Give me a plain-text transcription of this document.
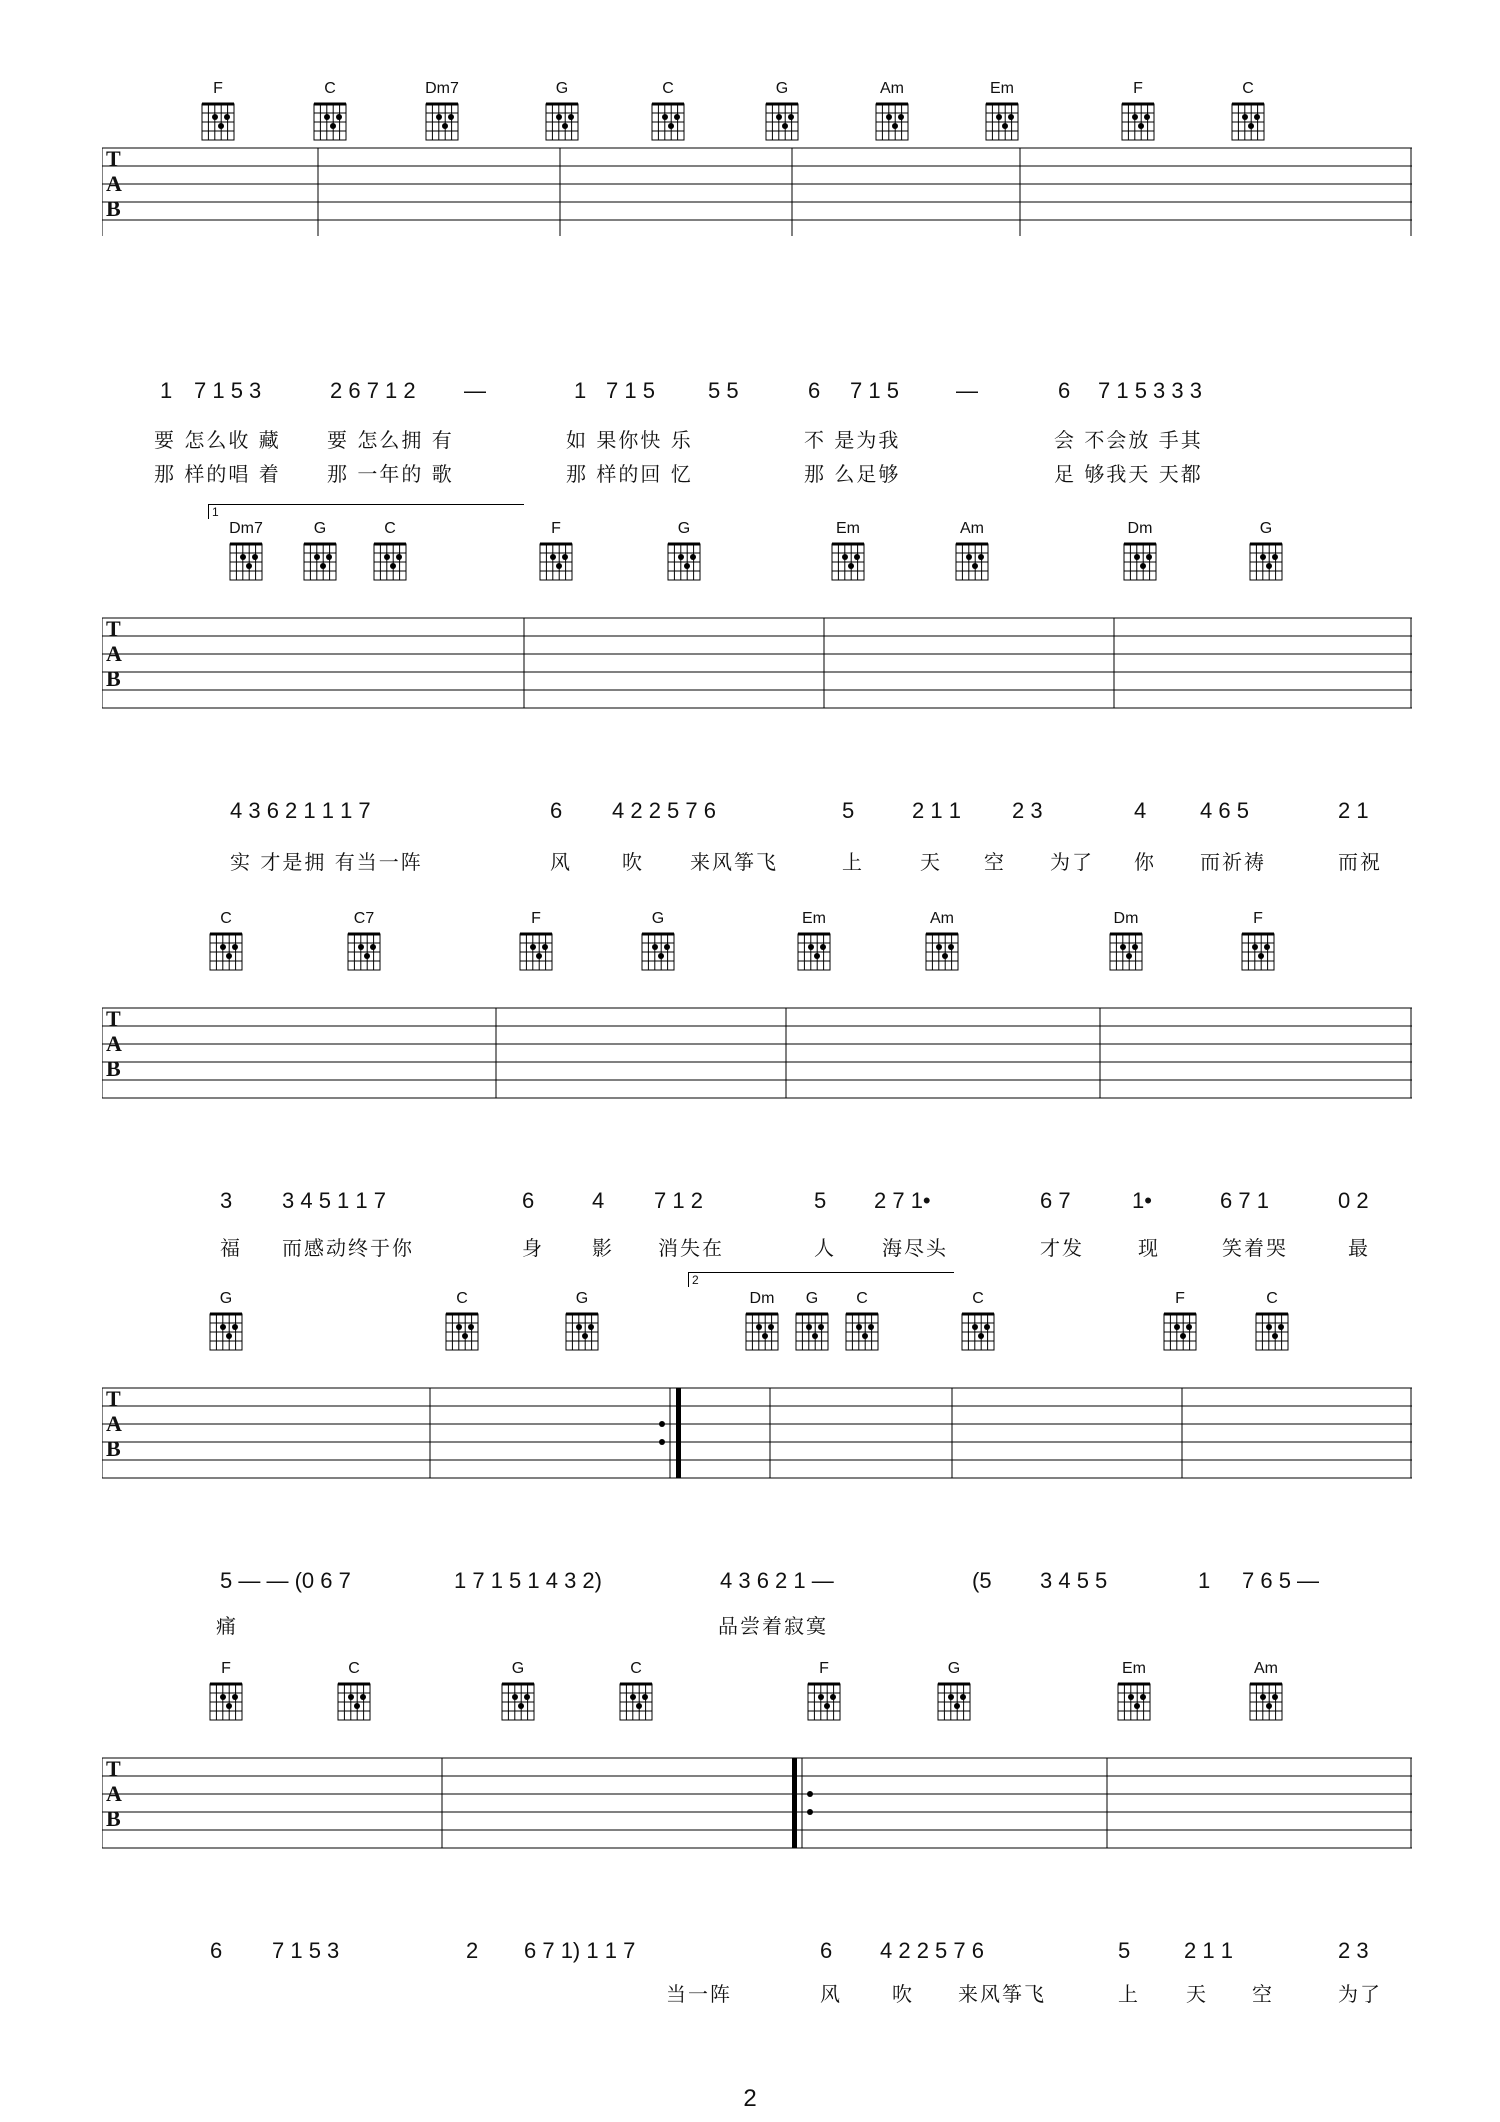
F	C	Dm7	G	C	G	Am	Em	F	C
T
A
B
1 7 1 5 3	2 6 7 1 2 —	1 7 1 5 5 5	6 7 1 5	—	6 7 1 5 3 3 3
要 怎么收 藏 要 怎么拥 有	如 果你快 乐	不 是为我	会 不会放 手其
那 样的唱 着 那 一年的 歌	那 样的回 忆	那 么足够	足 够我天 天都
1
Dm7	G	C	F	G	Em	Am	Dm	G
T
A
B
4 3 6 2 1 1 1 7	6 4 2 2 5 7 6	5	2 1 1 2 3	4 4 6 5	2 1
实 才是拥 有当一阵	风	吹 来风筝飞	上	天 空 为了 你 而祈祷	而祝
C	C7	F	G	Em	Am	Dm	F
T
A
B
3 3 4 5 1 1 7	6	4 7 1 2	5 2 7 1•	6 7	1•	6 7 1	0 2
福 而感动终于你	身 影 消失在	人 海尽头	才发	现	笑着哭	最
2
G	C	G	Dm	G	C	C	F	C
T
A
B
5 — — (0 6 7	1 7 1 5 1 4 3 2)	4 3 6 2 1 —	(5 3 4 5 5	1 7 6 5 —
痛	品尝着寂寞
F	C	G	C	F	G	Em	Am
T
A
B
6 7 1 5 3	2 6 7 1) 1 1 7	6 4 2 2 5 7 6	5 2 1 1	2 3
当一阵	风	吹 来风筝飞	上 天 空	为了
2
